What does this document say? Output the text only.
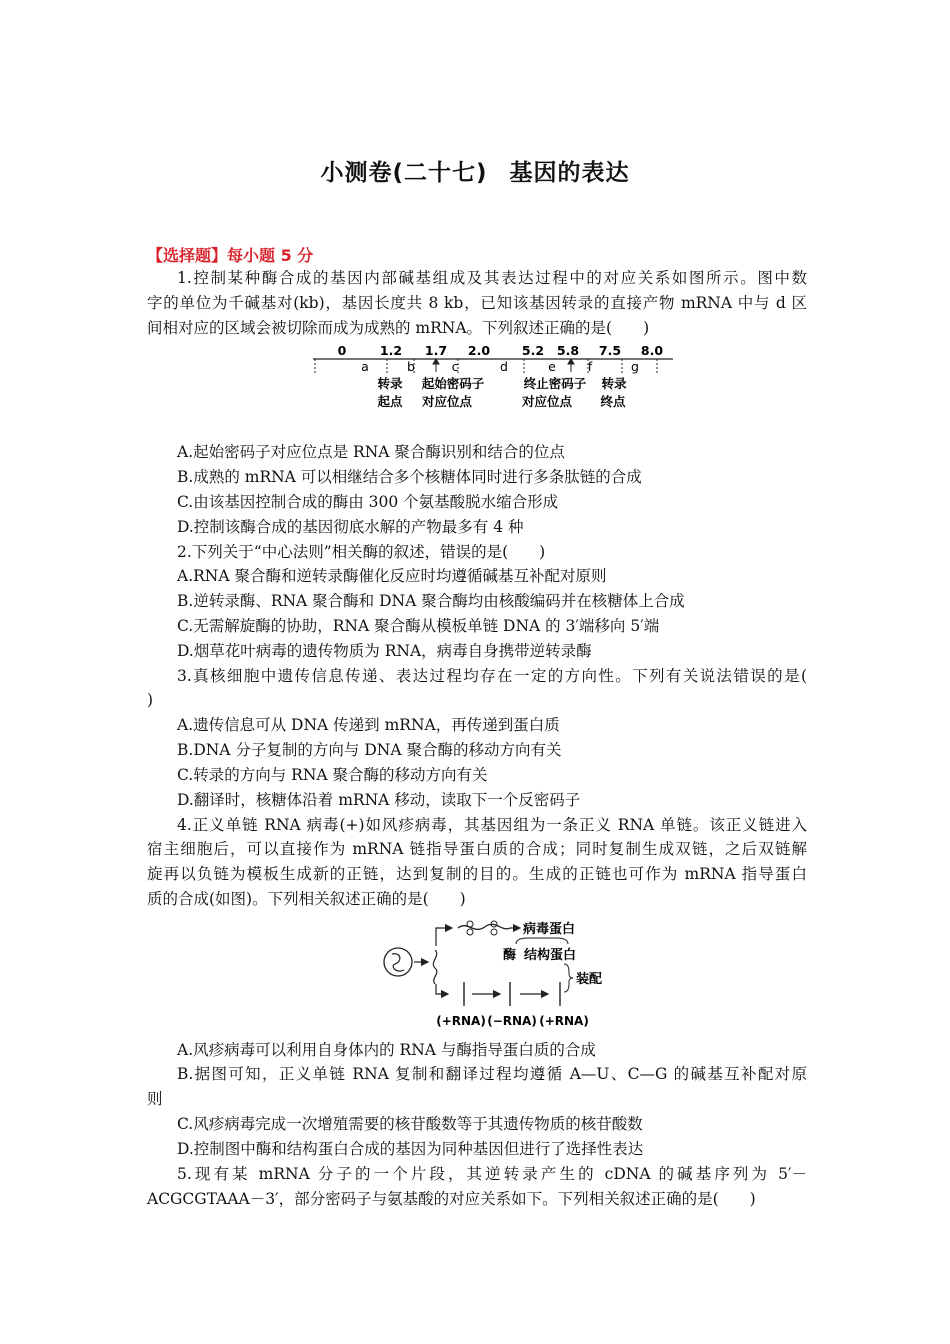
小测卷(二十七) 基因的表达
【选择题】每小题 5 分
1.控制某种酶合成的基因内部碱基组成及其表达过程中的对应关系如图所示。图中数
字的单位为千碱基对(kb)，基因长度共 8 kb，已知该基因转录的直接产物 mRNA 中与 d 区
间相对应的区域会被切除而成为成熟的 mRNA。下列叙述正确的是(　　)
0	1.2 1.7 2.0	5.2 5.8 7.5 8.0
a	b	c	d	e	f	g
转录
起点
起始密码子
对应位点
终止密码子
对应位点
转录
终点
A.起始密码子对应位点是 RNA 聚合酶识别和结合的位点
B.成熟的 mRNA 可以相继结合多个核糖体同时进行多条肽链的合成
C.由该基因控制合成的酶由 300 个氨基酸脱水缩合形成
D.控制该酶合成的基因彻底水解的产物最多有 4 种
2.下列关于“中心法则”相关酶的叙述，错误的是(　　)
A.RNA 聚合酶和逆转录酶催化反应时均遵循碱基互补配对原则
B.逆转录酶、RNA 聚合酶和 DNA 聚合酶均由核酸编码并在核糖体上合成
C.无需解旋酶的协助，RNA 聚合酶从模板单链 DNA 的 3′端移向 5′端
D.烟草花叶病毒的遗传物质为 RNA，病毒自身携带逆转录酶
3.真核细胞中遗传信息传递、表达过程均存在一定的方向性。下列有关说法错误的是(
)
A.遗传信息可从 DNA 传递到 mRNA，再传递到蛋白质
B.DNA 分子复制的方向与 DNA 聚合酶的移动方向有关
C.转录的方向与 RNA 聚合酶的移动方向有关
D.翻译时，核糖体沿着 mRNA 移动，读取下一个反密码子
4.正义单链 RNA 病毒(+)如风疹病毒，其基因组为一条正义 RNA 单链。该正义链进入
宿主细胞后，可以直接作为 mRNA 链指导蛋白质的合成；同时复制生成双链，之后双链解
旋再以负链为模板生成新的正链，达到复制的目的。生成的正链也可作为 mRNA 指导蛋白
质的合成(如图)。下列相关叙述正确的是(　　)
病毒蛋白
酶 结构蛋白
装配
(+RNA) (−RNA) (+RNA)
A.风疹病毒可以利用自身体内的 RNA 与酶指导蛋白质的合成
B.据图可知，正义单链 RNA 复制和翻译过程均遵循 A—U、C—G 的碱基互补配对原
则
C.风疹病毒完成一次增殖需要的核苷酸数等于其遗传物质的核苷酸数
D.控制图中酶和结构蛋白合成的基因为同种基因但进行了选择性表达
5.现有某 mRNA 分子的一个片段，其逆转录产生的 cDNA 的碱基序列为 5′－
ACGCGTAAA－3′，部分密码子与氨基酸的对应关系如下。下列相关叙述正确的是(　　)
